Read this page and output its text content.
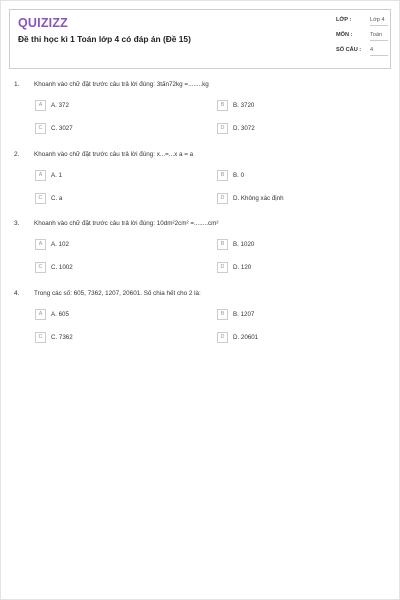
QUIZIZZ
Đề thi học kì 1 Toán lớp 4 có đáp án (Đề 15)
LỚP :	Lớp 4
MÔN :	Toán
SỐ CÂU : 4
1. Khoanh vào chữ đặt trước câu trả lời đúng: 3tấn72kg =........kg
A	A. 372	B	B. 3720
C	C. 3027	D	D. 3072
2. Khoanh vào chữ đặt trước câu trả lời đúng: x...=...x a = a
A	A. 1	B	B. 0
C	C. a	D	D. Không xác định
3. Khoanh vào chữ đặt trước câu trả lời đúng: 10dm²2cm² =........cm²
A	A. 102	B	B. 1020
C	C. 1002	D	D. 120
4. Trong các số: 605, 7362, 1207, 20601. Số chia hết cho 2 là:
A	A. 605	B	B. 1207
C	C. 7362	D	D. 20601
